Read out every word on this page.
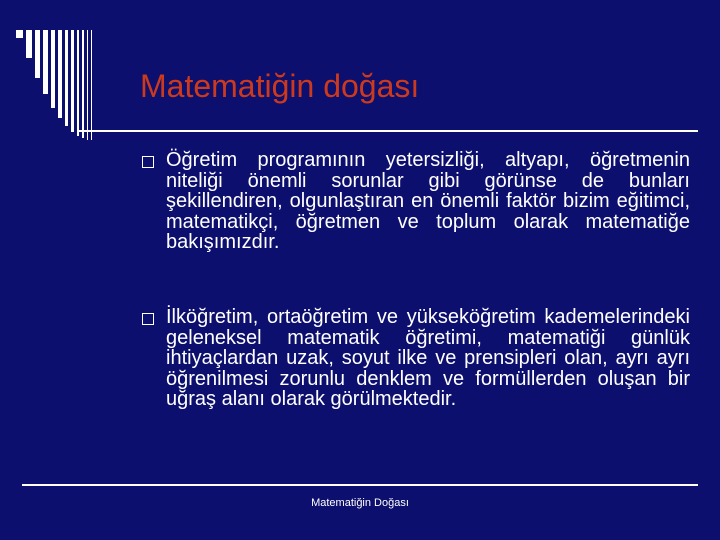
Matematiğin doğası
Öğretim programının yetersizliği, altyapı, öğretmenin niteliği önemli sorunlar gibi görünse de bunları şekillendiren, olgunlaştıran en önemli faktör bizim eğitimci, matematikçi, öğretmen ve toplum olarak matematiğe bakışımızdır.
İlköğretim, ortaöğretim ve yükseköğretim kademelerindeki geleneksel matematik öğretimi, matematiği günlük ihtiyaçlardan uzak, soyut ilke ve prensipleri olan, ayrı ayrı öğrenilmesi zorunlu denklem ve formüllerden oluşan bir uğraş alanı olarak görülmektedir.
Matematiğin Doğası
